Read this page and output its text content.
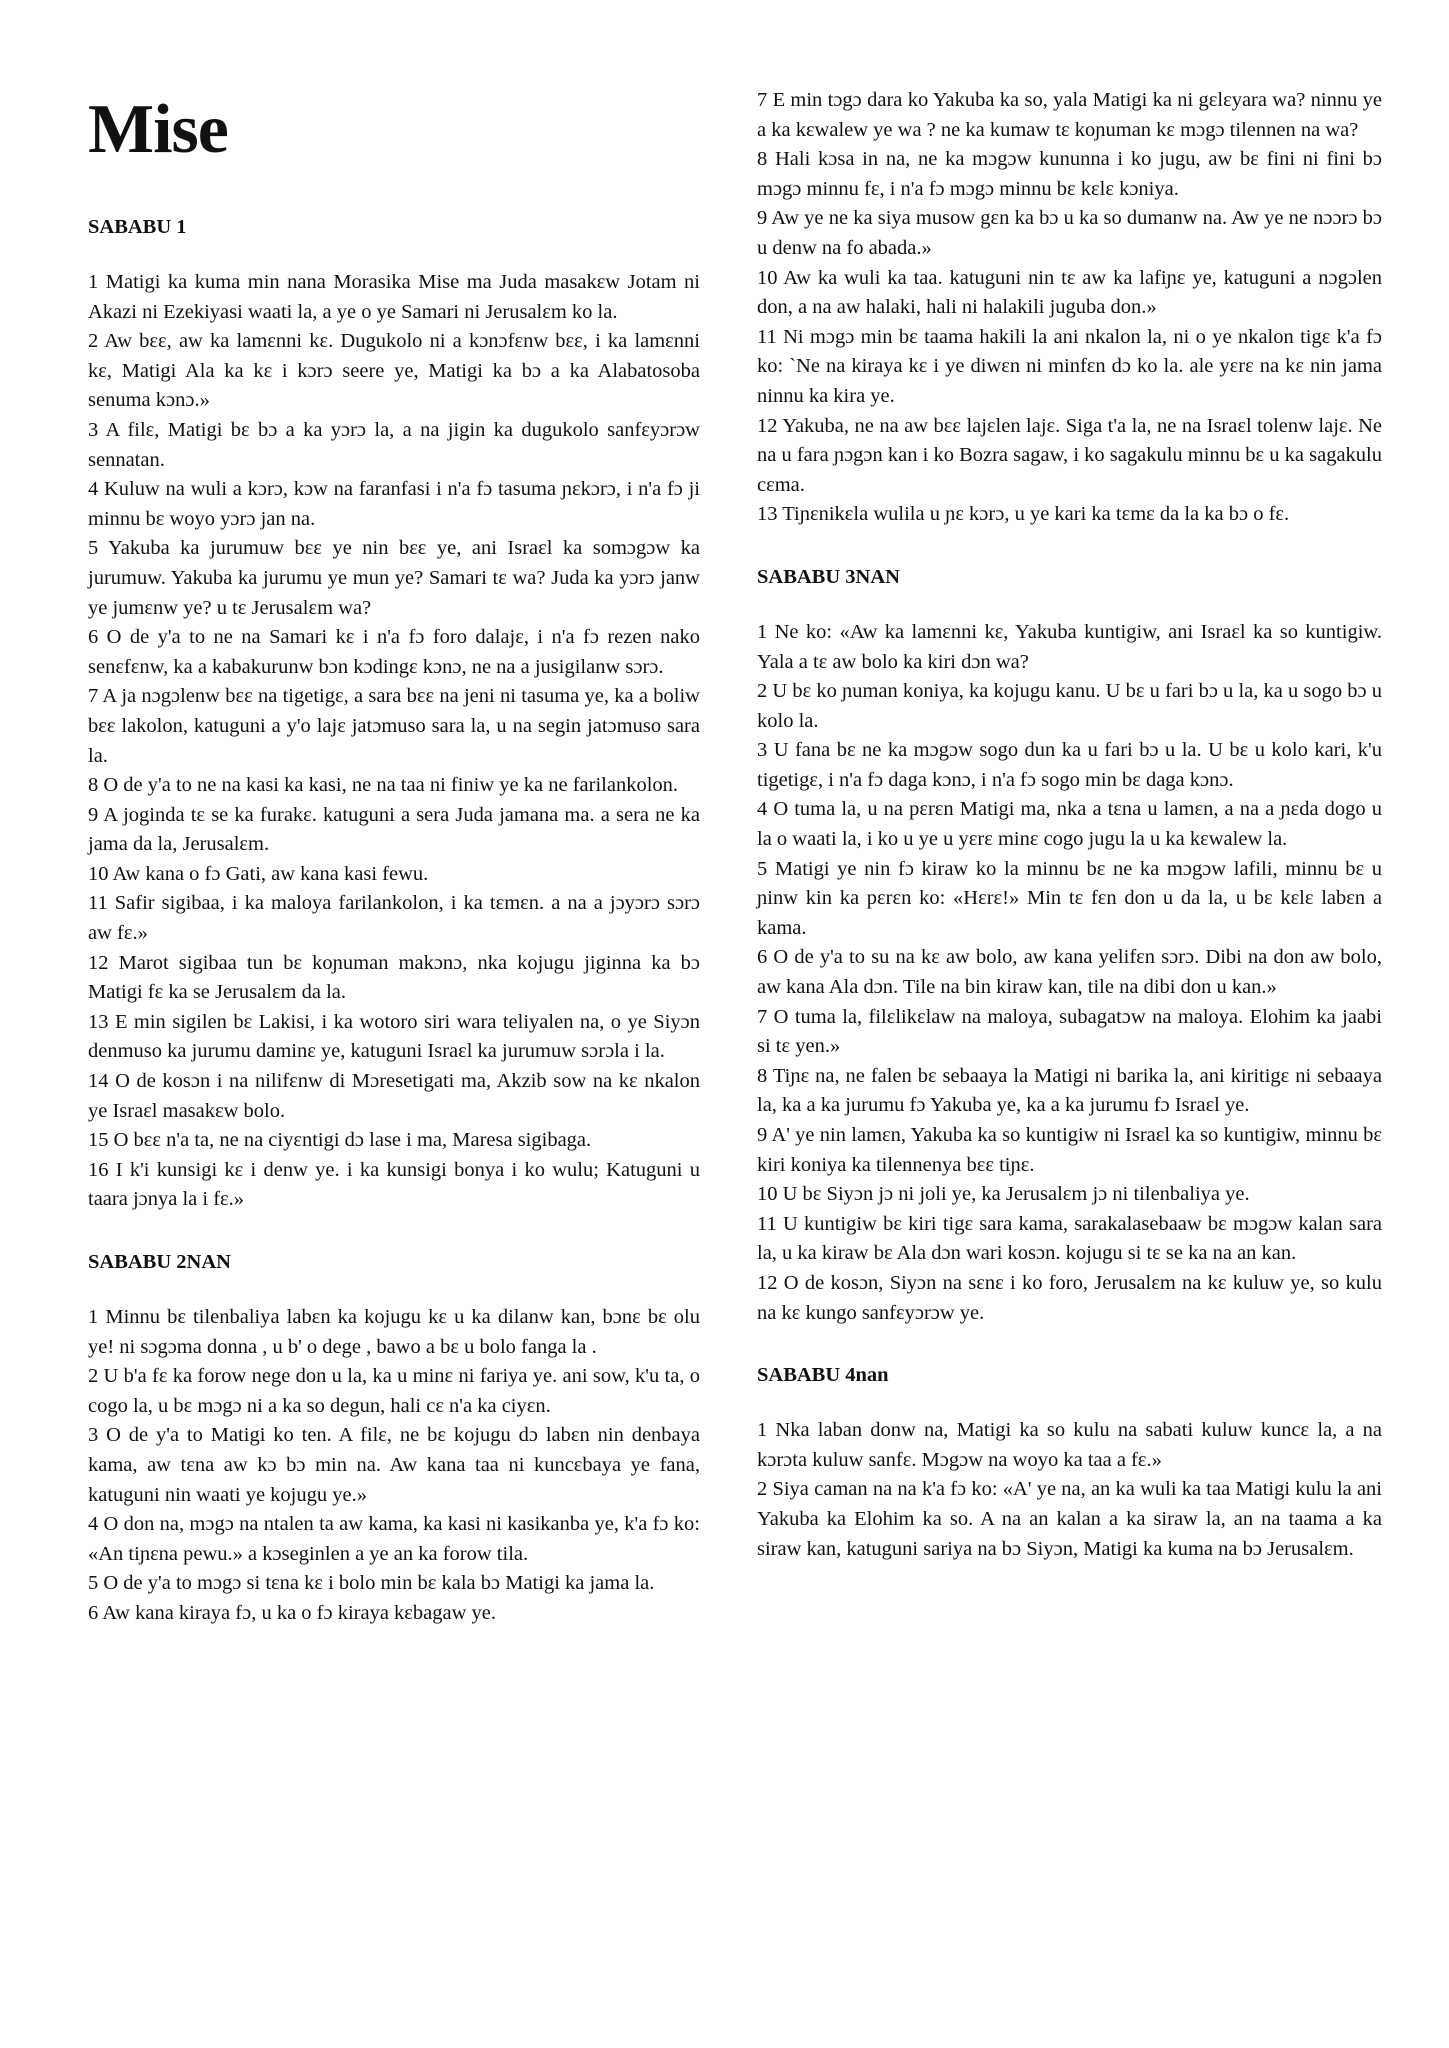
Mise
SABABU 1

1 Matigi ka kuma min nana Morasika Mise ma Juda masakɛw Jotam ni Akazi ni Ezekiyasi waati la, a ye o ye Samari ni Jerusalɛm ko la.

2 Aw bɛɛ, aw ka lamɛnni kɛ. Dugukolo ni a kɔnɔfɛnw bɛɛ, i ka lamɛnni kɛ, Matigi Ala ka kɛ i kɔrɔ seere ye, Matigi ka bɔ a ka Alabatosoba senuma kɔnɔ.»

3 A filɛ, Matigi bɛ bɔ a ka yɔrɔ la, a na jigin ka dugukolo sanfɛyɔrɔw sennatan.

4 Kuluw na wuli a kɔrɔ, kɔw na faranfasi i n'a fɔ tasuma ɲɛkɔrɔ, i n'a fɔ ji minnu bɛ woyo yɔrɔ jan na.

5 Yakuba ka jurumuw bɛɛ ye nin bɛɛ ye, ani Israɛl ka somɔgɔw ka jurumuw. Yakuba ka jurumu ye mun ye? Samari tɛ wa? Juda ka yɔrɔ janw ye jumɛnw ye? u tɛ Jerusalɛm wa?

6 O de y'a to ne na Samari kɛ i n'a fɔ foro dalajɛ, i n'a fɔ rezen nako senɛfɛnw, ka a kabakurunw bɔn kɔdingɛ kɔnɔ, ne na a jusigilanw sɔrɔ.

7 A ja nɔgɔlenw bɛɛ na tigetigɛ, a sara bɛɛ na jeni ni tasuma ye, ka a boliw bɛɛ lakolon, katuguni a y'o lajɛ jatɔmuso sara la, u na segin jatɔmuso sara la.

8 O de y'a to ne na kasi ka kasi, ne na taa ni finiw ye ka ne farilankolon.

9 A joginda tɛ se ka furakɛ. katuguni a sera Juda jamana ma. a sera ne ka jama da la, Jerusalɛm.

10 Aw kana o fɔ Gati, aw kana kasi fewu.

11 Safir sigibaa, i ka maloya farilankolon, i ka tɛmɛn. a na a jɔyɔrɔ sɔrɔ aw fɛ.»

12 Marot sigibaa tun bɛ koɲuman makɔnɔ, nka kojugu jiginna ka bɔ Matigi fɛ ka se Jerusalɛm da la.

13 E min sigilen bɛ Lakisi, i ka wotoro siri wara teliyalen na, o ye Siyɔn denmuso ka jurumu daminɛ ye, katuguni Israɛl ka jurumuw sɔrɔla i la.

14 O de kosɔn i na nilifɛnw di Mɔresetigati ma, Akzib sow na kɛ nkalon ye Israɛl masakɛw bolo.

15 O bɛɛ n'a ta, ne na ciyɛntigi dɔ lase i ma, Maresa sigibaga.

16 I k'i kunsigi kɛ i denw ye. i ka kunsigi bonya i ko wulu; Katuguni u taara jɔnya la i fɛ.»

SABABU 2NAN

1 Minnu bɛ tilenbaliya labɛn ka kojugu kɛ u ka dilanw kan, bɔnɛ bɛ olu ye! ni sɔgɔma donna , u b' o dege , bawo a bɛ u bolo fanga la .

2 U b'a fɛ ka forow nege don u la, ka u minɛ ni fariya ye. ani sow, k'u ta, o cogo la, u bɛ mɔgɔ ni a ka so degun, hali cɛ n'a ka ciyɛn.

3 O de y'a to Matigi ko ten. A filɛ, ne bɛ kojugu dɔ labɛn nin denbaya kama, aw tɛna aw kɔ bɔ min na. Aw kana taa ni kuncɛbaya ye fana, katuguni nin waati ye kojugu ye.»

4 O don na, mɔgɔ na ntalen ta aw kama, ka kasi ni kasikanba ye, k'a fɔ ko: «An tiɲɛna pewu.» a kɔseginlen a ye an ka forow tila.

5 O de y'a to mɔgɔ si tɛna kɛ i bolo min bɛ kala bɔ Matigi ka jama la.

6 Aw kana kiraya fɔ, u ka o fɔ kiraya kɛbagaw ye.

7 E min tɔgɔ dara ko Yakuba ka so, yala Matigi ka ni gɛlɛyara wa? ninnu ye a ka kɛwalew ye wa ? ne ka kumaw tɛ koɲuman kɛ mɔgɔ tilennen na wa?

8 Hali kɔsa in na, ne ka mɔgɔw kununna i ko jugu, aw bɛ fini ni fini bɔ mɔgɔ minnu fɛ, i n'a fɔ mɔgɔ minnu bɛ kɛlɛ kɔniya.

9 Aw ye ne ka siya musow gɛn ka bɔ u ka so dumanw na. Aw ye ne nɔɔrɔ bɔ u denw na fo abada.»

10 Aw ka wuli ka taa. katuguni nin tɛ aw ka lafiɲɛ ye, katuguni a nɔgɔlen don, a na aw halaki, hali ni halakili juguba don.»

11 Ni mɔgɔ min bɛ taama hakili la ani nkalon la, ni o ye nkalon tigɛ k'a fɔ ko: `Ne na kiraya kɛ i ye diwɛn ni minfɛn dɔ ko la. ale yɛrɛ na kɛ nin jama ninnu ka kira ye.

12 Yakuba, ne na aw bɛɛ lajɛlen lajɛ. Siga t'a la, ne na Israɛl tolenw lajɛ. Ne na u fara ɲɔgɔn kan i ko Bozra sagaw, i ko sagakulu minnu bɛ u ka sagakulu cɛma.

13 Tiɲɛnikɛla wulila u ɲɛ kɔrɔ, u ye kari ka tɛmɛ da la ka bɔ o fɛ.

SABABU 3NAN

1 Ne ko: «Aw ka lamɛnni kɛ, Yakuba kuntigiw, ani Israɛl ka so kuntigiw. Yala a tɛ aw bolo ka kiri dɔn wa?

2 U bɛ ko ɲuman koniya, ka kojugu kanu. U bɛ u fari bɔ u la, ka u sogo bɔ u kolo la.

3 U fana bɛ ne ka mɔgɔw sogo dun ka u fari bɔ u la. U bɛ u kolo kari, k'u tigetigɛ, i n'a fɔ daga kɔnɔ, i n'a fɔ sogo min bɛ daga kɔnɔ.

4 O tuma la, u na pɛrɛn Matigi ma, nka a tɛna u lamɛn, a na a ɲɛda dogo u la o waati la, i ko u ye u yɛrɛ minɛ cogo jugu la u ka kɛwalew la.

5 Matigi ye nin fɔ kiraw ko la minnu bɛ ne ka mɔgɔw lafili, minnu bɛ u ɲinw kin ka pɛrɛn ko: «Hɛrɛ!» Min tɛ fɛn don u da la, u bɛ kɛlɛ labɛn a kama.

6 O de y'a to su na kɛ aw bolo, aw kana yelifɛn sɔrɔ. Dibi na don aw bolo, aw kana Ala dɔn. Tile na bin kiraw kan, tile na dibi don u kan.»

7 O tuma la, filɛlikɛlaw na maloya, subagatɔw na maloya. Elohim ka jaabi si tɛ yen.»

8 Tiɲɛ na, ne falen bɛ sebaaya la Matigi ni barika la, ani kiritigɛ ni sebaaya la, ka a ka jurumu fɔ Yakuba ye, ka a ka jurumu fɔ Israɛl ye.

9 A' ye nin lamɛn, Yakuba ka so kuntigiw ni Israɛl ka so kuntigiw, minnu bɛ kiri koniya ka tilennenya bɛɛ tiɲɛ.

10 U bɛ Siyɔn jɔ ni joli ye, ka Jerusalɛm jɔ ni tilenbaliya ye.

11 U kuntigiw bɛ kiri tigɛ sara kama, sarakalasebaaw bɛ mɔgɔw kalan sara la, u ka kiraw bɛ Ala dɔn wari kosɔn. kojugu si tɛ se ka na an kan.

12 O de kosɔn, Siyɔn na sɛnɛ i ko foro, Jerusalɛm na kɛ kuluw ye, so kulu na kɛ kungo sanfɛyɔrɔw ye.

SABABU 4nan

1 Nka laban donw na, Matigi ka so kulu na sabati kuluw kuncɛ la, a na kɔrɔta kuluw sanfɛ. Mɔgɔw na woyo ka taa a fɛ.»

2 Siya caman na na k'a fɔ ko: «A' ye na, an ka wuli ka taa Matigi kulu la ani Yakuba ka Elohim ka so. A na an kalan a ka siraw la, an na taama a ka siraw kan, katuguni sariya na bɔ Siyɔn, Matigi ka kuma na bɔ Jerusalɛm.
